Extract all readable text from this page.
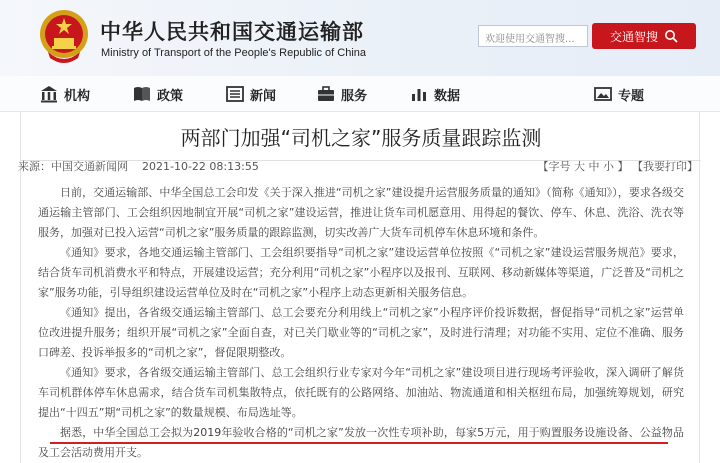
中华人民共和国交通运输部
Ministry of Transport of the People's Republic of China
欢迎使用交通智搜...	交通智搜
机构	政策	新闻	服务	数据	专题
两部门加强“司机之家”服务质量跟踪监测
来源：中国交通新闻网 2021-10-22 08:13:55	【字号 大 中 小 】 【我要打印】

日前，交通运输部、中华全国总工会印发《关于深入推进“司机之家”建设提升运营服务质量的通知》（简称《通知》），要求各级交通运输主管部门、工会组织因地制宜开展“司机之家”建设运营，推进让货车司机愿意用、用得起的餐饮、停车、休息、洗浴、洗衣等服务，加强对已投入运营“司机之家”服务质量的跟踪监测，切实改善广大货车司机停车休息环境和条件。

《通知》要求，各地交通运输主管部门、工会组织要指导“司机之家”建设运营单位按照《“司机之家”建设运营服务规范》要求，结合货车司机消费水平和特点，开展建设运营；充分利用“司机之家”小程序以及报刊、互联网、移动新媒体等渠道，广泛普及“司机之家”服务功能，引导组织建设运营单位及时在“司机之家”小程序上动态更新相关服务信息。

《通知》提出，各省级交通运输主管部门、总工会要充分利用线上“司机之家”小程序评价投诉数据，督促指导“司机之家”运营单位改进提升服务；组织开展“司机之家”全面自查，对已关门歇业等的“司机之家”，及时进行清理；对功能不实用、定位不准确、服务口碑差、投诉举报多的“司机之家”，督促限期整改。

《通知》要求，各省级交通运输主管部门、总工会组织行业专家对今年“司机之家”建设项目进行现场考评验收，深入调研了解货车司机群体停车休息需求，结合货车司机集散特点，依托既有的公路网络、加油站、物流通道和相关枢纽布局，加强统筹规划，研究提出“十四五”期“司机之家”的数量规模、布局选址等。

据悉，中华全国总工会拟为2019年验收合格的“司机之家”发放一次性专项补助，每家5万元，用于购置服务设施设备、公益物品及工会活动费用开支。
